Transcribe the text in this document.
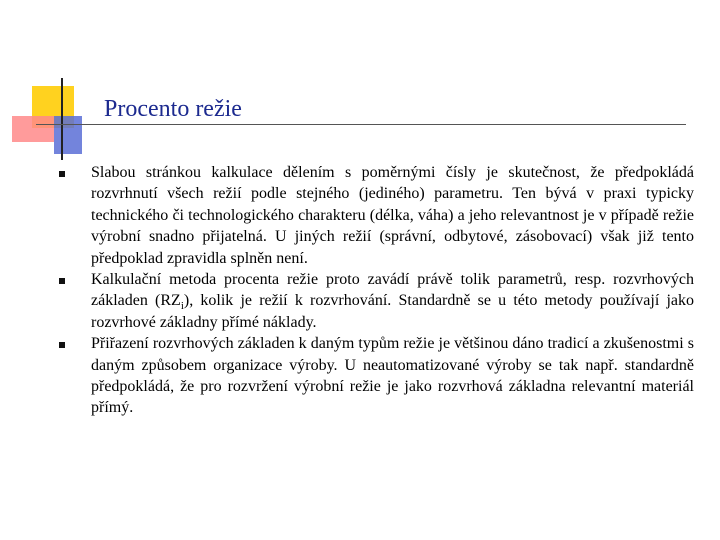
Procento režie
Slabou stránkou kalkulace dělením s poměrnými čísly je skutečnost, že předpokládá rozvrhnutí všech režií podle stejného (jediného) parametru. Ten bývá v praxi typicky technického či technologického charakteru (délka, váha) a jeho relevantnost je v případě režie výrobní snadno přijatelná. U jiných režií (správní, odbytové, zásobovací) však již tento předpoklad zpravidla splněn není.
Kalkulační metoda procenta režie proto zavádí právě tolik parametrů, resp. rozvrhových základen $(RZ_i)$, kolik je režií k rozvrhování. Standardně se u této metody používají jako rozvrhové základny přímé náklady.
Přiřazení rozvrhových základen k daným typům režie je většinou dáno tradicí a zkušenostmi s daným způsobem organizace výroby. U neautomatizované výroby se tak např. standardně předpokládá, že pro rozvržení výrobní režie je jako rozvrhová základna relevantní materiál přímý.
